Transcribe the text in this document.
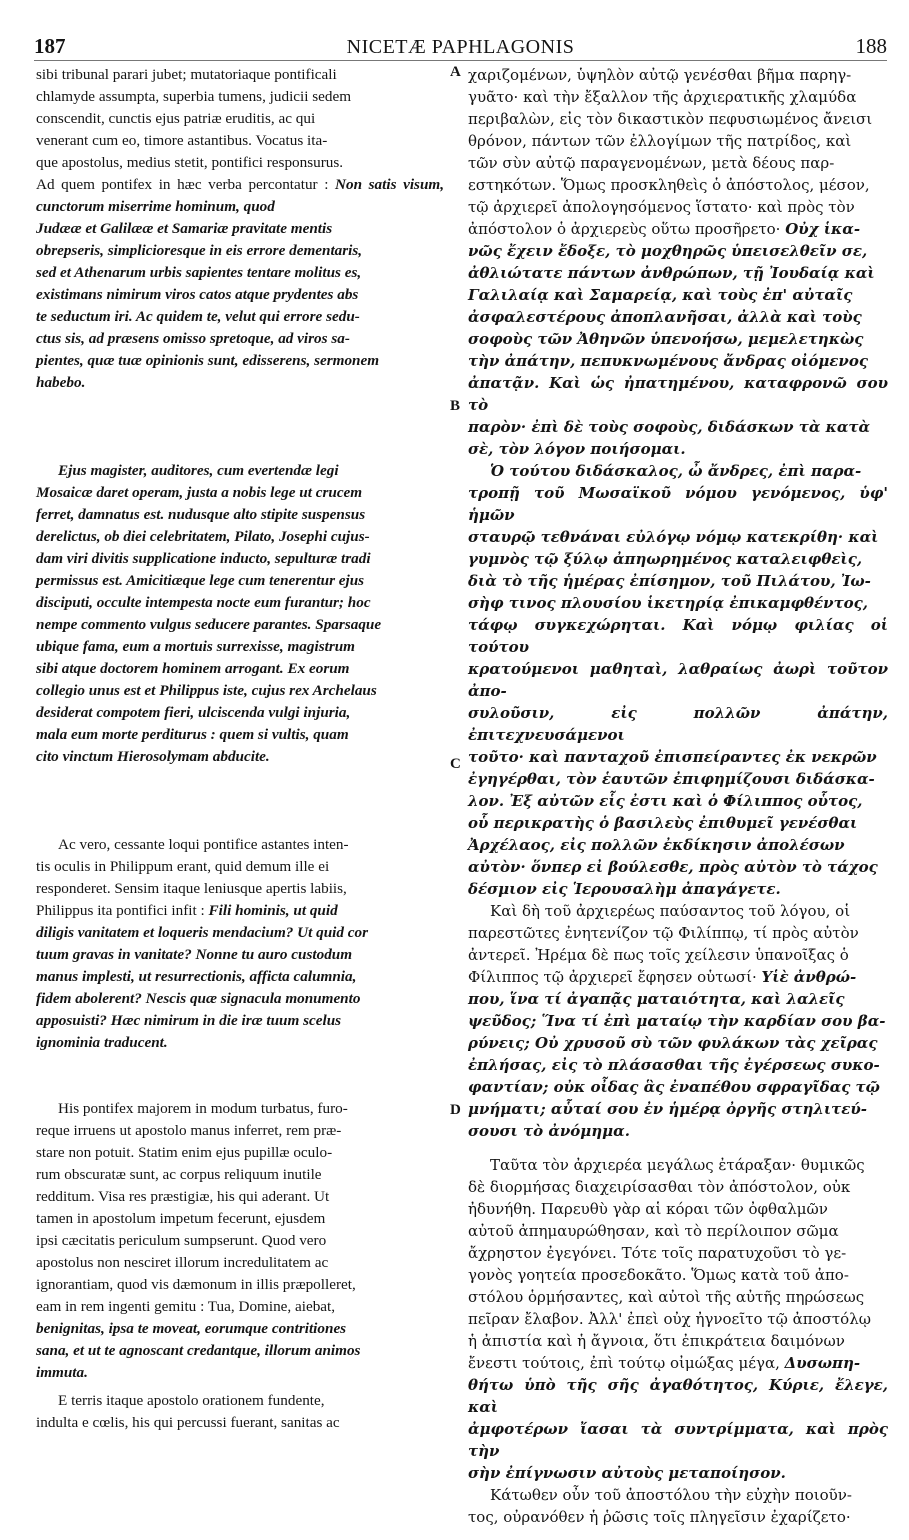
187	NICETÆ PAPHLAGONIS	188
A
B
C
D
sibi tribunal parari jubet; mutatoriaque pontificali
chlamyde assumpta, superbia tumens, judicii sedem
conscendit, cunctis ejus patriæ eruditis, ac qui
venerant cum eo, timore astantibus. Vocatus ita-
que apostolus, medius stetit, pontifici responsurus.
Ad quem pontifex in hæc verba percontatur : Non satis visum, cunctorum miserrime hominum, quod
Judææ et Galilææ et Samariæ pravitate mentis
obrepseris, simplicioresque in eis errore dementaris,
sed et Athenarum urbis sapientes tentare molitus es,
existimans nimirum viros catos atque prydentes abs
te seductum iri. Ac quidem te, velut qui errore sedu-
ctus sis, ad præsens omisso spretoque, ad viros sa-
pientes, quæ tuæ opinionis sunt, edisserens, sermonem
habebo.
Ejus magister, auditores, cum evertendæ legi
Mosaicæ daret operam, justa a nobis lege ut crucem
ferret, damnatus est. nudusque alto stipite suspensus
derelictus, ob diei celebritatem, Pilato, Josephi cujus-
dam viri divitis supplicatione inducto, sepulturæ tradi
permissus est. Amicitiæque lege cum tenerentur ejus
disciputi, occulte intempesta nocte eum furantur; hoc
nempe commento vulgus seducere parantes. Sparsaque
ubique fama, eum a mortuis surrexisse, magistrum
sibi atque doctorem hominem arrogant. Ex eorum
collegio unus est et Philippus iste, cujus rex Archelaus
desiderat compotem fieri, ulciscenda vulgi injuria,
mala eum morte perditurus : quem si vultis, quam
cito vinctum Hierosolymam abducite.
Ac vero, cessante loqui pontifice astantes inten-
tis oculis in Philippum erant, quid demum ille ei
responderet. Sensim itaque leniusque apertis labiis,
Philippus ita pontifici infit : Fili hominis, ut quid
diligis vanitatem et loqueris mendacium? Ut quid cor
tuum gravas in vanitate? Nonne tu auro custodum
manus implesti, ut resurrectionis, afficta calumnia,
fidem abolerent? Nescis quæ signacula monumento
apposuisti? Hæc nimirum in die iræ tuum scelus
ignominia traducent.
His pontifex majorem in modum turbatus, furo-
reque irruens ut apostolo manus inferret, rem præ-
stare non potuit. Statim enim ejus pupillæ oculo-
rum obscuratæ sunt, ac corpus reliquum inutile
redditum. Visa res præstigiæ, his qui aderant. Ut
tamen in apostolum impetum fecerunt, ejusdem
ipsi cæcitatis periculum sumpserunt. Quod vero
apostolus non nesciret illorum incredulitatem ac
ignorantiam, quod vis dæmonum in illis præpolleret,
eam in rem ingenti gemitu : Tua, Domine, aiebat,
benignitas, ipsa te moveat, eorumque contritiones
sana, et ut te agnoscant credantque, illorum animos
immuta.
E terris itaque apostolo orationem fundente,
indulta e cœlis, his qui percussi fuerant, sanitas ac
χαριζομένων, ὑψηλὸν αὐτῷ γενέσθαι βῆμα παρηγ-
γυᾶτο· καὶ τὴν ἔξαλλον τῆς ἀρχιερατικῆς χλαμύδα
περιβαλὼν, εἰς τὸν δικαστικὸν πεφυσιωμένος ἄνεισι
θρόνον, πάντων τῶν ἐλλογίμων τῆς πατρίδος, καὶ
τῶν σὺν αὐτῷ παραγενομένων, μετὰ δέους παρ-
εστηκότων. Ὅμως προσκληθεὶς ὁ ἀπόστολος, μέσον,
τῷ ἀρχιερεῖ ἀπολογησόμενος ἵστατο· καὶ πρὸς τὸν
ἀπόστολον ὁ ἀρχιερεὺς οὕτω προσῆρετο· Οὐχ ἱκα-
νῶς ἔχειν ἔδοξε, τὸ μοχθηρῶς ὑπεισελθεῖν σε,
ἀθλιώτατε πάντων ἀνθρώπων, τῇ Ἰουδαίᾳ καὶ
Γαλιλαίᾳ καὶ Σαμαρείᾳ, καὶ τοὺς ἐπ' αὐταῖς
ἀσφαλεστέρους ἀποπλανῆσαι, ἀλλὰ καὶ τοὺς
σοφοὺς τῶν Ἀθηνῶν ὑπενοήσω, μεμελετηκὼς
τὴν ἀπάτην, πεπυκνωμένους ἄνδρας οἰόμενος
ἀπατᾷν. Καὶ ὡς ἠπατημένου, καταφρονῶ σου τὸ
παρὸν· ἐπὶ δὲ τοὺς σοφοὺς, διδάσκων τὰ κατὰ
σὲ, τὸν λόγον ποιήσομαι.
Ὁ τούτου διδάσκαλος, ὦ ἄνδρες, ἐπὶ παρα-
τροπῇ τοῦ Μωσαϊκοῦ νόμου γενόμενος, ὑφ' ἡμῶν
σταυρῷ τεθνάναι εὐλόγῳ νόμῳ κατεκρίθη· καὶ
γυμνὸς τῷ ξύλῳ ἀπηωρημένος καταλειφθεὶς,
διὰ τὸ τῆς ἡμέρας ἐπίσημον, τοῦ Πιλάτου, Ἰω-
σὴφ τινος πλουσίου ἱκετηρίᾳ ἐπικαμφθέντος,
τάφῳ συγκεχώρηται. Καὶ νόμῳ φιλίας οἱ τούτου
κρατούμενοι μαθηταὶ, λαθραίως ἀωρὶ τοῦτον ἀπο-
συλοῦσιν, εἰς πολλῶν ἀπάτην, ἐπιτεχνευσάμενοι
τοῦτο· καὶ πανταχοῦ ἐπισπείραντες ἐκ νεκρῶν
ἐγηγέρθαι, τὸν ἑαυτῶν ἐπιφημίζουσι διδάσκα-
λον. Ἐξ αὐτῶν εἷς ἐστι καὶ ὁ Φίλιππος οὗτος,
οὗ περικρατὴς ὁ βασιλεὺς ἐπιθυμεῖ γενέσθαι
Ἀρχέλαος, εἰς πολλῶν ἐκδίκησιν ἀπολέσων
αὐτὸν· ὅνπερ εἰ βούλεσθε, πρὸς αὐτὸν τὸ τάχος
δέσμιον εἰς Ἱερουσαλὴμ ἀπαγάγετε.
Καὶ δὴ τοῦ ἀρχιερέως παύσαντος τοῦ λόγου, οἱ
παρεστῶτες ἐνητενίζον τῷ Φιλίππῳ, τί πρὸς αὐτὸν
ἀντερεῖ. Ἠρέμα δὲ πως τοῖς χείλεσιν ὑπανοῖξας ὁ
Φίλιππος τῷ ἀρχιερεῖ ἔφησεν οὑτωσί· Υἱὲ ἀνθρώ-
που, ἵνα τί ἀγαπᾷς ματαιότητα, καὶ λαλεῖς
ψεῦδος; Ἵνα τί ἐπὶ ματαίῳ τὴν καρδίαν σου βα-
ρύνεις; Οὐ χρυσοῦ σὺ τῶν φυλάκων τὰς χεῖρας
ἐπλήσας, εἰς τὸ πλάσασθαι τῆς ἐγέρσεως συκο-
φαντίαν; οὐκ οἶδας ἃς ἐναπέθου σφραγῖδας τῷ
μνήματι; αὗταί σου ἐν ἡμέρᾳ ὀργῆς στηλιτεύ-
σουσι τὸ ἀνόμημα.
Ταῦτα τὸν ἀρχιερέα μεγάλως ἐτάραξαν· θυμικῶς
δὲ διορμήσας διαχειρίσασθαι τὸν ἀπόστολον, οὐκ
ἠδυνήθη. Παρευθὺ γὰρ αἱ κόραι τῶν ὀφθαλμῶν
αὐτοῦ ἀπημαυρώθησαν, καὶ τὸ περίλοιπον σῶμα
ἄχρηστον ἐγεγόνει. Τότε τοῖς παρατυχοῦσι τὸ γε-
γονὸς γοητεία προσεδοκᾶτο. Ὅμως κατὰ τοῦ ἀπο-
στόλου ὁρμήσαντες, καὶ αὐτοὶ τῆς αὐτῆς πηρώσεως
πεῖραν ἔλαβον. Ἀλλ' ἐπεὶ οὐχ ἠγνοεῖτο τῷ ἀποστόλῳ
ἡ ἀπιστία καὶ ἡ ἄγνοια, ὅτι ἐπικράτεια δαιμόνων
ἔνεστι τούτοις, ἐπὶ τούτῳ οἰμώξας μέγα, Δυσωπη-
θήτω ὑπὸ τῆς σῆς ἀγαθότητος, Κύριε, ἔλεγε, καὶ
ἀμφοτέρων ἴασαι τὰ συντρίμματα, καὶ πρὸς τὴν
σὴν ἐπίγνωσιν αὐτοὺς μεταποίησον.
Κάτωθεν οὖν τοῦ ἀποστόλου τὴν εὐχὴν ποιοῦν-
τος, οὐρανόθεν ἡ ῥῶσις τοῖς πληγεῖσιν ἐχαρίζετο·
